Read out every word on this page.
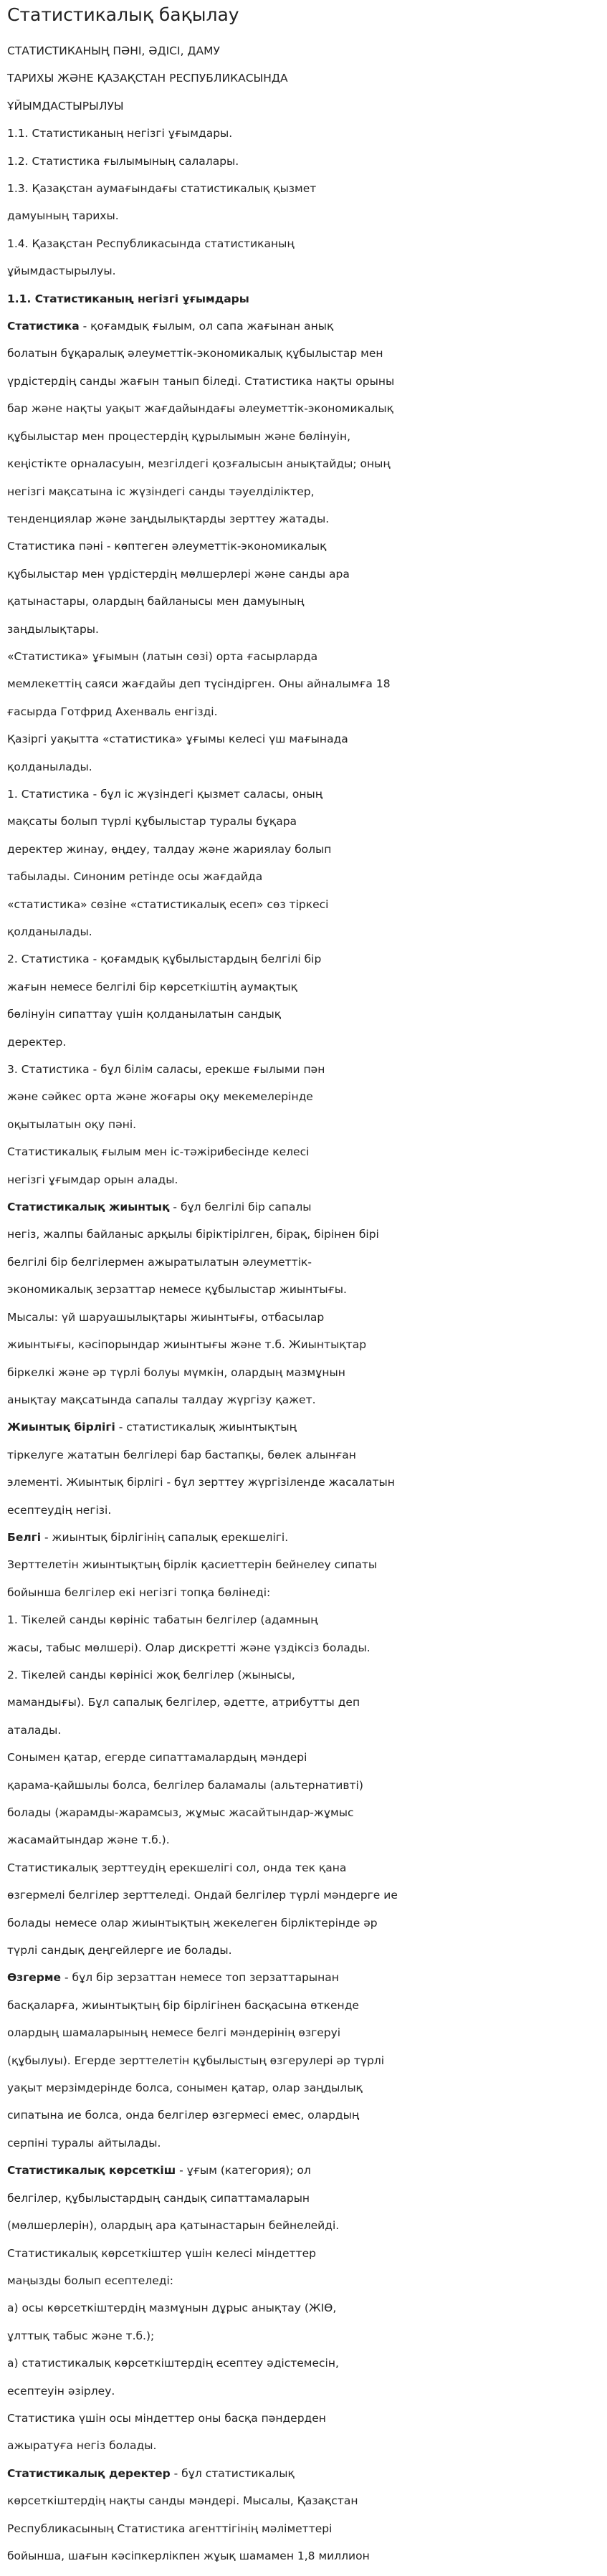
Статистикалық бақылау
СТАТИСТИКАНЫҢ ПӘНІ, ӘДІСІ, ДАМУ
ТАРИХЫ ЖӘНЕ ҚАЗАҚСТАН РЕСПУБЛИКАСЫНДА
ҰЙЫМДАСТЫРЫЛУЫ
1.1. Статистиканың негізгі ұғымдары.
1.2. Статистика ғылымының салалары.
1.3. Қазақстан аумағындағы статистикалық қызмет
дамуының тарихы.
1.4. Қазақстан Республикасында статистиканың
ұйымдастырылуы.
1.1. Статистиканың негізгі ұғымдары
Статистика - қоғамдық ғылым, ол сапа жағынан анық
болатын бұқаралық әлеуметтік-экономикалық құбылыстар мен
үрдістердің санды жағын танып біледі. Статистика нақты орыны
бар және нақты уақыт жағдайындағы әлеуметтік-экономикалық
құбылыстар мен процестердің құрылымын және бөлінуін,
кеңістікте орналасуын, мезгілдегі қозғалысын анықтайды; оның
негізгі мақсатына іс жүзіндегі санды тәуелділіктер,
тенденциялар және заңдылықтарды зерттеу жатады.
Статистика пәні - көптеген әлеуметтік-экономикалық
құбылыстар мен үрдістердің мөлшерлері және санды ара
қатынастары, олардың байланысы мен дамуының
заңдылықтары.
«Статистика» ұғымын (латын сөзі) орта ғасырларда
мемлекеттің саяси жағдайы деп түсіндірген. Оны айналымға 18
ғасырда Готфрид Ахенваль енгізді.
Қазіргі уақытта «статистика» ұғымы келесі үш мағынада
қолданылады.
1. Статистика - бұл іс жүзіндегі қызмет саласы, оның
мақсаты болып түрлі құбылыстар туралы бұқара
деректер жинау, өңдеу, талдау және жариялау болып
табылады. Синоним ретінде осы жағдайда
«статистика» сөзіне «статистикалық есеп» сөз тіркесі
қолданылады.
2. Статистика - қоғамдық құбылыстардың белгілі бір
жағын немесе белгілі бір көрсеткіштің аумақтық
бөлінуін сипаттау үшін қолданылатын сандық
деректер.
3. Статистика - бұл білім саласы, ерекше ғылыми пән
және сәйкес орта және жоғары оқу мекемелерінде
оқытылатын оқу пәні.
Статистикалық ғылым мен іс-тәжірибесінде келесі
негізгі ұғымдар орын алады.
Статистикалық жиынтық - бұл белгілі бір сапалы
негіз, жалпы байланыс арқылы біріктірілген, бірақ, бірінен бірі
белгілі бір белгілермен ажыратылатын әлеуметтік-
экономикалық зерзаттар немесе құбылыстар жиынтығы.
Мысалы: үй шаруашылықтары жиынтығы, отбасылар
жиынтығы, кәсіпорындар жиынтығы және т.б. Жиынтықтар
біркелкі және әр түрлі болуы мүмкін, олардың мазмұнын
анықтау мақсатында сапалы талдау жүргізу қажет.
Жиынтық бірлігі - статистикалық жиынтықтың
тіркелуге жататын белгілері бар бастапқы, бөлек алынған
элементі. Жиынтық бірлігі - бұл зерттеу жүргізіленде жасалатын
есептеудің негізі.
Белгі - жиынтық бірлігінің сапалық ерекшелігі.
Зерттелетін жиынтықтың бірлік қасиеттерін бейнелеу сипаты
бойынша белгілер екі негізгі топқа бөлінеді:
1. Тікелей санды көрініс табатын белгілер (адамның
жасы, табыс мөлшері). Олар дискретті және үздіксіз болады.
2. Тікелей санды көрінісі жоқ белгілер (жынысы,
мамандығы). Бұл сапалық белгілер, әдетте, атрибутты деп
аталады.
Сонымен қатар, егерде сипаттамалардың мәндері
қарама-қайшылы болса, белгілер баламалы (альтернативті)
болады (жарамды-жарамсыз, жұмыс жасайтындар-жұмыс
жасамайтындар және т.б.).
Статистикалық зерттеудің ерекшелігі сол, онда тек қана
өзгермелі белгілер зерттеледі. Ондай белгілер түрлі мәндерге ие
болады немесе олар жиынтықтың жекелеген бірліктерінде әр
түрлі сандық деңгейлерге ие болады.
Өзгерме - бұл бір зерзаттан немесе топ зерзаттарынан
басқаларға, жиынтықтың бір бірлігінен басқасына өткенде
олардың шамаларының немесе белгі мәндерінің өзгеруі
(құбылуы). Егерде зерттелетін құбылыстың өзгерулері әр түрлі
уақыт мерзімдерінде болса, сонымен қатар, олар заңдылық
сипатына ие болса, онда белгілер өзгермесі емес, олардың
серпіні туралы айтылады.
Статистикалық көрсеткіш - ұғым (категория); ол
белгілер, құбылыстардың сандық сипаттамаларын
(мөлшерлерін), олардың ара қатынастарын бейнелейді.
Статистикалық көрсеткіштер үшін келесі міндеттер
маңызды болып есептеледі:
а) осы көрсеткіштердің мазмұнын дұрыс анықтау (ЖІӨ,
ұлттық табыс және т.б.);
а) статистикалық көрсеткіштердің есептеу әдістемесін,
есептеуін әзірлеу.
Статистика үшін осы міндеттер оны басқа пәндерден
ажыратуға негіз болады.
Статистикалық деректер - бұл статистикалық
көрсеткіштердің нақты санды мәндері. Мысалы, Қазақстан
Республикасының Статистика агенттігінің мәліметтері
бойынша, шағын кәсіпкерлікпен жұық шамамен 1,8 миллион
